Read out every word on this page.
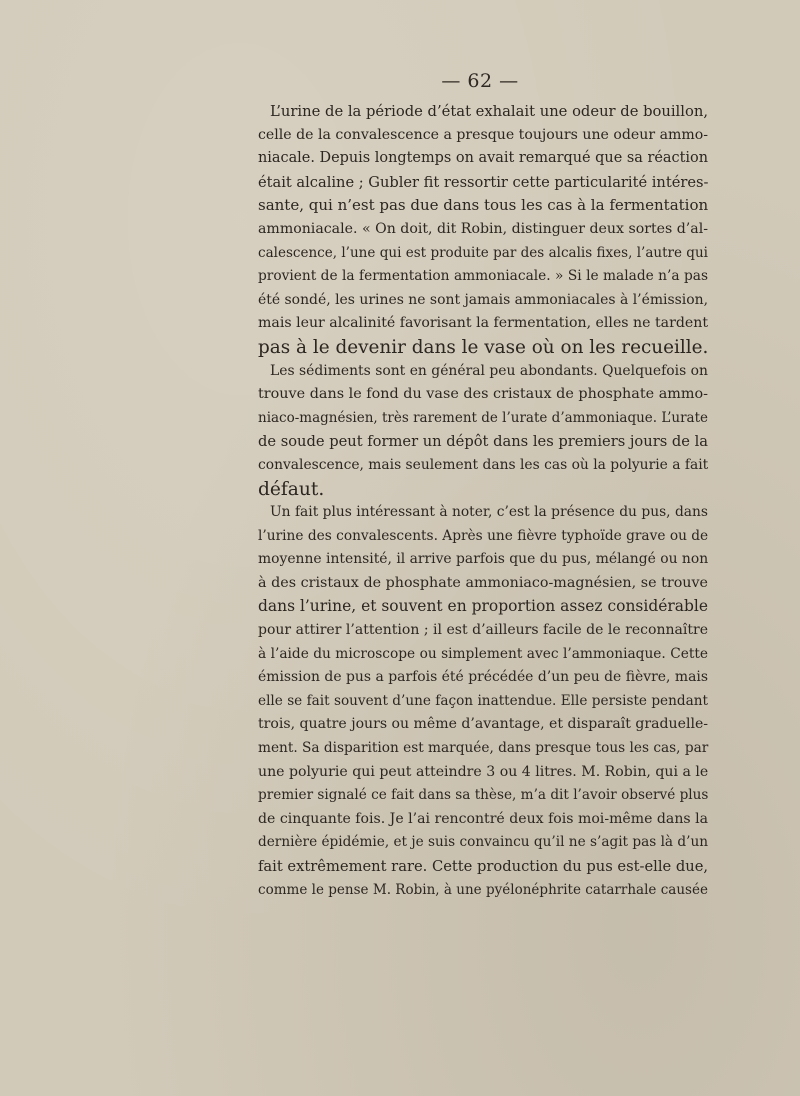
— 62 —
L’urine de la période d’état exhalait une odeur de bouillon,
celle de la convalescence a presque toujours une odeur ammo-
niacale. Depuis longtemps on avait remarqué que sa réaction
était alcaline ; Gubler fit ressortir cette particularité intéres-
sante, qui n’est pas due dans tous les cas à la fermentation
ammoniacale. « On doit, dit Robin, distinguer deux sortes d’al-
calescence, l’une qui est produite par des alcalis fixes, l’autre qui
provient de la fermentation ammoniacale. » Si le malade n’a pas
été sondé, les urines ne sont jamais ammoniacales à l’émission,
mais leur alcalinité favorisant la fermentation, elles ne tardent
pas à le devenir dans le vase où on les recueille.
Les sédiments sont en général peu abondants. Quelquefois on
trouve dans le fond du vase des cristaux de phosphate ammo-
niaco-magnésien, très rarement de l’urate d’ammoniaque. L’urate
de soude peut former un dépôt dans les premiers jours de la
convalescence, mais seulement dans les cas où la polyurie a fait
défaut.
Un fait plus intéressant à noter, c’est la présence du pus, dans
l’urine des convalescents. Après une fièvre typhoïde grave ou de
moyenne intensité, il arrive parfois que du pus, mélangé ou non
à des cristaux de phosphate ammoniaco-magnésien, se trouve
dans l’urine, et souvent en proportion assez considérable
pour attirer l’attention ; il est d’ailleurs facile de le reconnaître
à l’aide du microscope ou simplement avec l’ammoniaque. Cette
émission de pus a parfois été précédée d’un peu de fièvre, mais
elle se fait souvent d’une façon inattendue. Elle persiste pendant
trois, quatre jours ou même d’avantage, et disparaît graduelle-
ment. Sa disparition est marquée, dans presque tous les cas, par
une polyurie qui peut atteindre 3 ou 4 litres. M. Robin, qui a le
premier signalé ce fait dans sa thèse, m’a dit l’avoir observé plus
de cinquante fois. Je l’ai rencontré deux fois moi-même dans la
dernière épidémie, et je suis convaincu qu’il ne s’agit pas là d’un
fait extrêmement rare. Cette production du pus est-elle due,
comme le pense M. Robin, à une pyélonéphrite catarrhale causée
